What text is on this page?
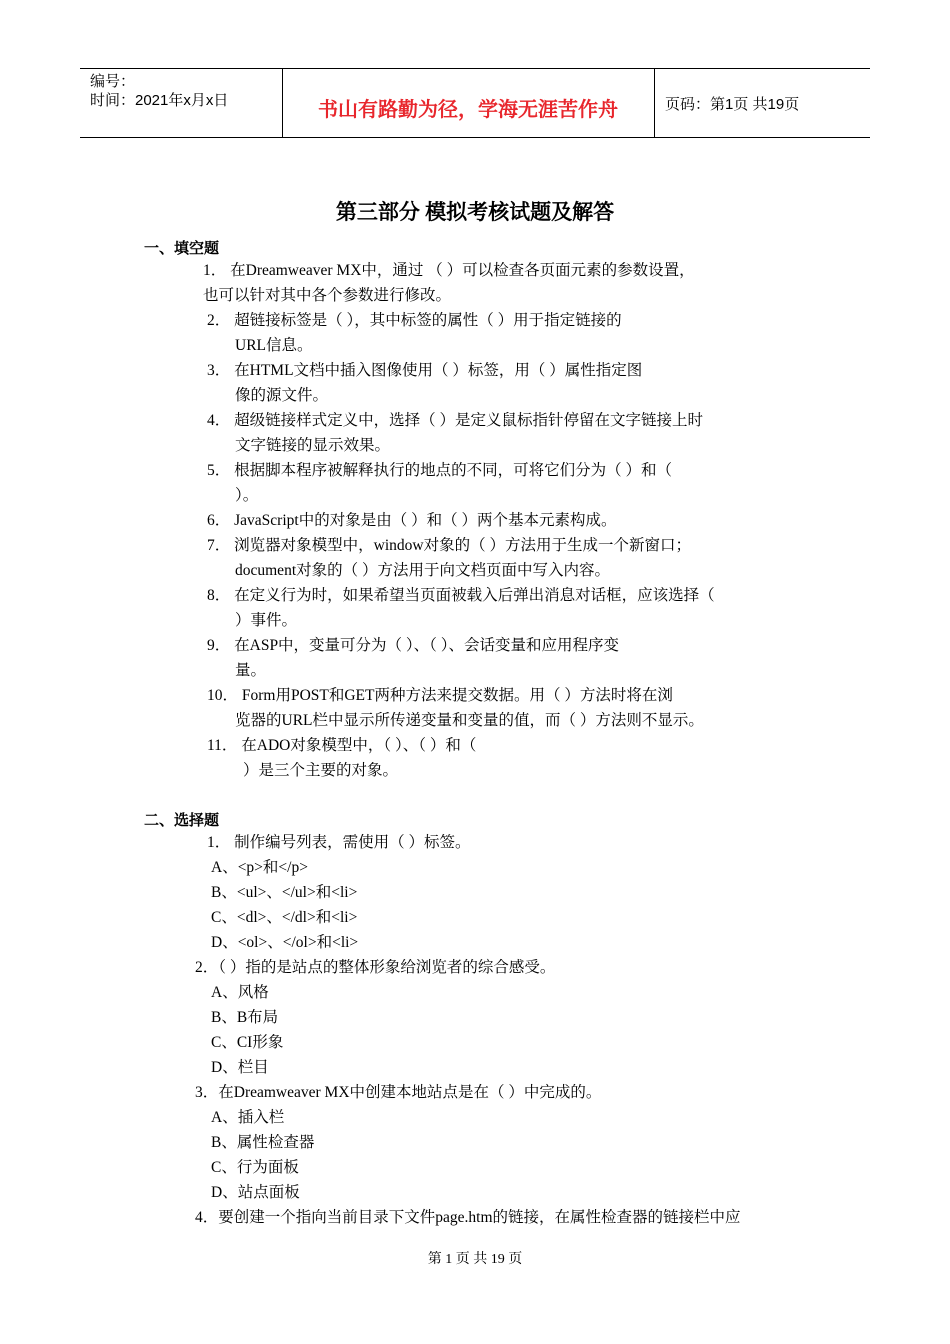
编号：
时间：2021年x月x日	书山有路勤为径，学海无涯苦作舟	页码：第1页 共19页
第三部分 模拟考核试题及解答
一、填空题
1． 在Dreamweaver MX中，通过 （ ）可以检查各页面元素的参数设置，
也可以针对其中各个参数进行修改。
2． 超链接标签是（ ），其中标签的属性（ ）用于指定链接的
URL信息。
3． 在HTML文档中插入图像使用（ ）标签，用（ ）属性指定图
像的源文件。
4． 超级链接样式定义中，选择（ ）是定义鼠标指针停留在文字链接上时
文字链接的显示效果。
5． 根据脚本程序被解释执行的地点的不同，可将它们分为（ ）和（
）。
6． JavaScript中的对象是由（ ）和（ ）两个基本元素构成。
7． 浏览器对象模型中，window对象的（ ）方法用于生成一个新窗口；
document对象的（ ）方法用于向文档页面中写入内容。
8． 在定义行为时，如果希望当页面被载入后弹出消息对话框，应该选择（
）事件。
9． 在ASP中，变量可分为（ ）、（ ）、会话变量和应用程序变
量。
10． Form用POST和GET两种方法来提交数据。用（ ）方法时将在浏
览器的URL栏中显示所传递变量和变量的值，而（ ）方法则不显示。
11． 在ADO对象模型中，（ ）、（ ）和（
）是三个主要的对象。
二、选择题
1． 制作编号列表，需使用（ ）标签。
A、<p>和</p>
B、<ul>、</ul>和<li>
C、<dl>、</dl>和<li>
D、<ol>、</ol>和<li>
2．（ ）指的是站点的整体形象给浏览者的综合感受。
A、风格
B、B布局
C、CI形象
D、栏目
3．在Dreamweaver MX中创建本地站点是在（ ）中完成的。
A、插入栏
B、属性检查器
C、行为面板
D、站点面板
4．要创建一个指向当前目录下文件page.htm的链接，在属性检查器的链接栏中应
第 1 页 共 19 页
